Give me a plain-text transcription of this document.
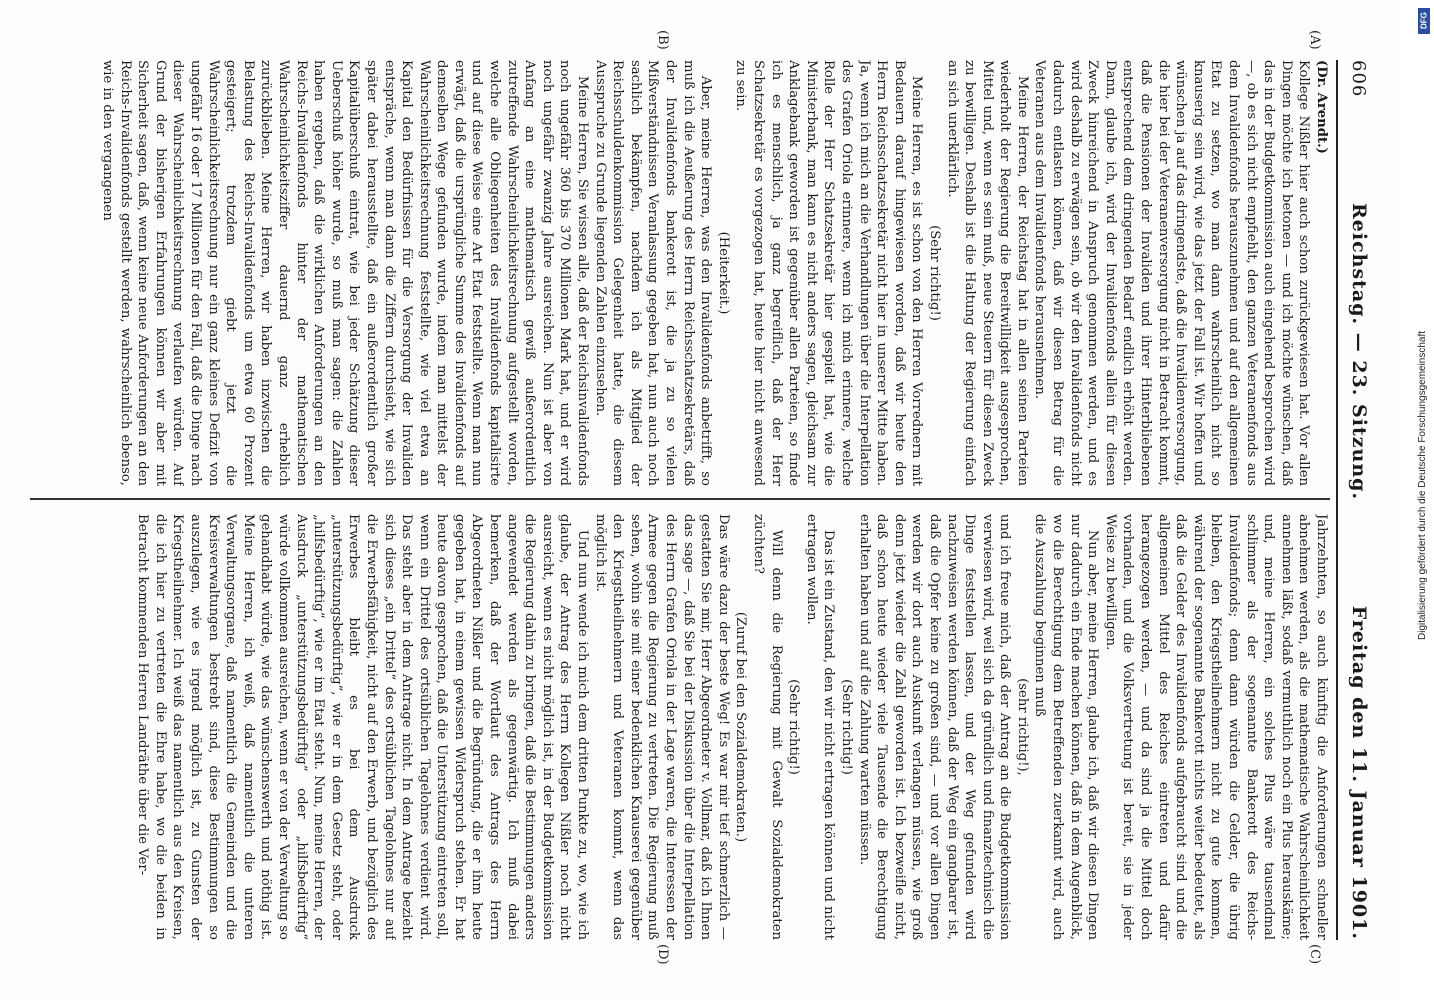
606
Reichstag. — 23. Sitzung.
Freitag den 11. Januar 1901.
(A)
(B)
(C)
(D)

(Dr. Arendt.)

Kollege Nißler hier auch schon zurückgewiesen hat. Vor allen Dingen möchte ich betonen — und ich möchte wünschen, daß das in der Budgetkommission auch eingehend besprochen wird —, ob es sich nicht empfiehlt, den ganzen Veteranenfonds aus dem Invalidenfonds herauszunehmen und auf den allgemeinen Etat zu setzen, wo man dann wahrscheinlich nicht so knauserig sein wird, wie das jetzt der Fall ist. Wir hoffen und wünschen ja auf das dringendste, daß die Invalidenversorgung, die hier bei der Veteranenversorgung nicht in Betracht kommt, daß die Pensionen der Invaliden und ihrer Hinterbliebenen entsprechend dem dringenden Bedarf endlich erhöht werden. Dann, glaube ich, wird der Invalidenfonds allein für diesen Zweck hinreichend in Anspruch genommen werden, und es wird deshalb zu erwägen sein, ob wir den Invalidenfonds nicht dadurch entlasten können, daß wir diesen Betrag für die Veteranen aus dem Invalidenfonds herausnehmen.

Meine Herren, der Reichstag hat in allen seinen Parteien wiederholt der Regierung die Bereitwilligkeit ausgesprochen, Mittel und, wenn es sein muß, neue Steuern für diesen Zweck zu bewilligen. Deshalb ist die Haltung der Regierung einfach an sich unerklärlich.

(Sehr richtig!)

Meine Herren, es ist schon von den Herren Vorrednern mit Bedauern darauf hingewiesen worden, daß wir heute den Herrn Reichsschatzsekretär nicht hier in unserer Mitte haben. Ja, wenn ich mich an die Verhandlungen über die Interpellation des Grafen Oriola erinnere, wenn ich mich erinnere, welche Rolle der Herr Schatzsekretär hier gespielt hat, wie die Ministerbank, man kann es nicht anders sagen, gleichsam zur Anklagebank geworden ist gegenüber allen Parteien, so finde ich es menschlich, ja ganz begreiflich, daß der Herr Schatzsekretär es vorgezogen hat, heute hier nicht anwesend zu sein.

(Heiterkeit.)

Aber, meine Herren, was den Invalidenfonds anbetrifft, so muß ich die Aeußerung des Herrn Reichsschatzsekretärs, daß der Invalidenfonds bankerott ist, die ja zu so vielen Mißverständnissen Veranlassung gegeben hat, nun auch noch sachlich bekämpfen, nachdem ich als Mitglied der Reichsschuldenkommission Gelegenheit hatte, die diesem Ausspruche zu Grunde liegenden Zahlen einzusehen.

Meine Herren, Sie wissen alle, daß der Reichsinvalidenfonds noch ungefähr 360 bis 370 Millionen Mark hat, und er wird noch ungefähr zwanzig Jahre ausreichen. Nun ist aber von Anfang an eine mathematisch gewiß außerordentlich zutreffende Wahrscheinlichkeitsrechnung aufgestellt worden, welche alle Obliegenheiten des Invalidenfonds kapitalisirte und auf diese Weise eine Art Etat feststellte. Wenn man nun erwägt, daß die ursprüngliche Summe des Invalidenfonds auf demselben Wege gefunden wurde, indem man mittelst der Wahrscheinlichkeitsrechnung feststellte, wie viel etwa an Kapital den Bedürfnissen für die Versorgung der Invaliden entspräche, wenn man dann die Ziffern durchsieht, wie sich später dabei herausstellte, daß ein außerordentlich großer Kapitalüberschuß eintrat, wie bei jeder Schätzung dieser Ueberschuß höher wurde, so muß man sagen: die Zahlen haben ergeben, daß die wirklichen Anforderungen an den Reichs-Invalidenfonds hinter der mathematischen Wahrscheinlichkeitsziffer dauernd ganz erheblich zurückblieben. Meine Herren, wir haben inzwischen die Belastung des Reichs-Invalidenfonds um etwa 60 Prozent gesteigert; trotzdem giebt jetzt die Wahrscheinlichkeitsrechnung nur ein ganz kleines Defizit von ungefähr 16 oder 17 Millionen für den Fall, daß die Dinge nach dieser Wahrscheinlichkeitsrechnung verlaufen würden. Auf Grund der bisherigen Erfahrungen können wir aber mit Sicherheit sagen, daß, wenn keine neue Anforderungen an den Reichs-Invalidenfonds gestellt werden, wahrscheinlich ebenso, wie in den vergangenen

Jahrzehnten, so auch künftig die Anforderungen schneller abnehmen werden, als die mathematische Wahrscheinlichkeit annehmen läßt, sodaß vermuthlich noch ein Plus herauskäme; und, meine Herren, ein solches Plus wäre tausendmal schlimmer als der sogenannte Bankerott des Reichs-Invalidenfonds; denn dann würden die Gelder, die übrig bleiben, den Kriegstheilnehmern nicht zu gute kommen, während der sogenannte Bankerott nichts weiter bedeutet, als daß die Gelder des Invalidenfonds aufgebraucht sind und die allgemeinen Mittel des Reiches eintreten und dafür herangezogen werden, — und da sind ja die Mittel doch vorhanden, und die Volksvertretung ist bereit, sie in jeder Weise zu bewilligen.

Nun aber, meine Herren, glaube ich, daß wir diesen Dingen nur dadurch ein Ende machen können, daß in dem Augenblick, wo die Berechtigung dem Betreffenden zuerkannt wird, auch die Auszahlung beginnen muß

(sehr richtig!),

und ich freue mich, daß der Antrag an die Budgetkommission verwiesen wird, weil sich da gründlich und finanztechnisch die Dinge feststellen lassen, und der Weg gefunden wird nachzuweisen werden können, daß der Weg ein gangbarer ist, daß die Opfer keine zu großen sind, — und vor allen Dingen werden wir dort auch Auskunft verlangen müssen, wie groß denn jetzt wieder die Zahl geworden ist. Ich bezweifle nicht, daß schon heute wieder viele Tausende die Berechtigung erhalten haben und auf die Zahlung warten müssen.

(Sehr richtig!)

Das ist ein Zustand, den wir nicht ertragen können und nicht ertragen wollen.

(Sehr richtig!)

Will denn die Regierung mit Gewalt Sozialdemokraten züchten?

(Zuruf bei den Sozialdemokraten.)

Das wäre dazu der beste Weg! Es war mir tief schmerzlich — gestatten Sie mir, Herr Abgeordneter v. Vollmar, daß ich Ihnen das sage —, daß Sie bei der Diskussion über die Interpellation des Herrn Grafen Oriola in der Lage waren, die Interessen der Armee gegen die Regierung zu vertreten. Die Regierung muß sehen, wohin sie mit einer bedenklichen Knauserei gegenüber den Kriegstheilnehmern und Veteranen kommt, wenn das möglich ist.

Und nun wende ich mich dem dritten Punkte zu, wo, wie ich glaube, der Antrag des Herrn Kollegen Nißler noch nicht ausreicht, wenn es nicht möglich ist, in der Budgetkommission die Regierung dahin zu bringen, daß die Bestimmungen anders angewendet werden als gegenwärtig. Ich muß dabei bemerken, daß der Wortlaut des Antrags des Herrn Abgeordneten Nißler und die Begründung, die er ihm heute gegeben hat, in einem gewissen Widerspruch stehen. Er hat heute davon gesprochen, daß die Unterstützung eintreten soll, wenn ein Drittel des ortsüblichen Tagelohnes verdient wird. Das steht aber in dem Antrage nicht. In dem Antrage bezieht sich dieses „ein Drittel“ des ortsüblichen Tagelohnes nur auf die Erwerbsfähigkeit, nicht auf den Erwerb, und bezüglich des Erwerbes bleibt es bei dem Ausdruck „unterstützungsbedürftig“, wie er in dem Gesetz steht, oder „hilfsbedürftig“, wie er im Etat steht. Nun, meine Herren, der Ausdruck „unterstützungsbedürftig“ oder „hilfsbedürftig“ würde vollkommen ausreichen, wenn er von der Verwaltung so gehandhabt würde, wie das wünschenswerth und nöthig ist. Meine Herren, ich weiß, daß namentlich die unteren Verwaltungsorgane, daß namentlich die Gemeinden und die Kreisverwaltungen bestrebt sind, diese Bestimmungen so auszulegen, wie es irgend möglich ist, zu Gunsten der Kriegstheilnehmer. Ich weiß das namentlich aus den Kreisen, die ich hier zu vertreten die Ehre habe, wo die beiden in Betracht kommenden Herren Landräthe über die Ver-

DFG
Digitalisierung gefördert durch die Deutsche Forschungsgemeinschaft
